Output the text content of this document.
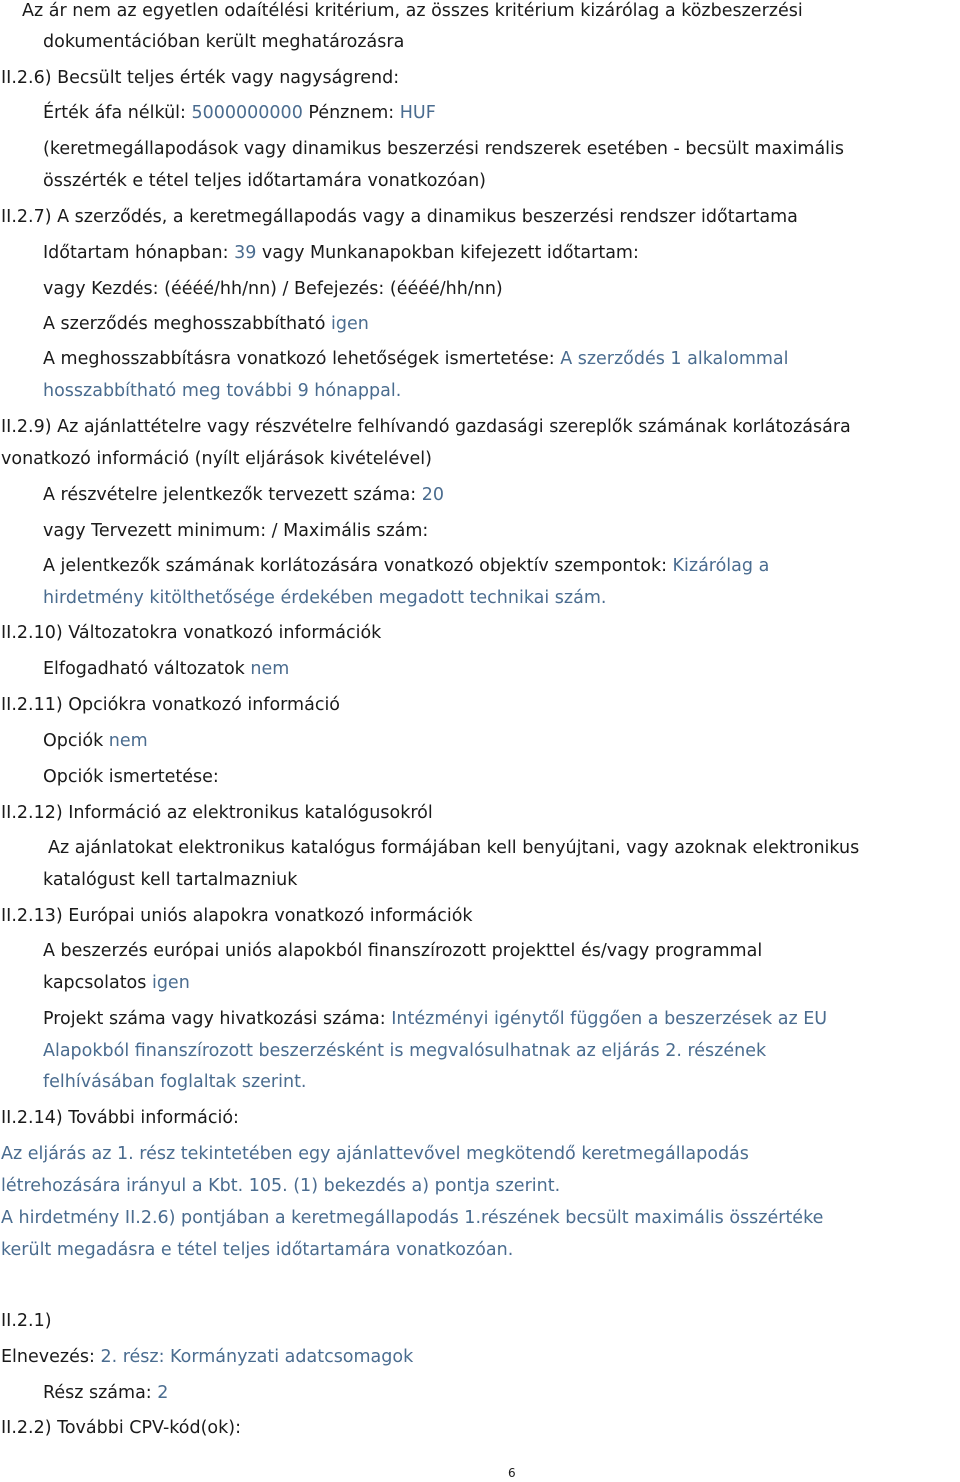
Az ár nem az egyetlen odaítélési kritérium, az összes kritérium kizárólag a közbeszerzési
dokumentációban került meghatározásra
II.2.6) Becsült teljes érték vagy nagyságrend:
Érték áfa nélkül: 5000000000 Pénznem: HUF
(keretmegállapodások vagy dinamikus beszerzési rendszerek esetében - becsült maximális
összérték e tétel teljes időtartamára vonatkozóan)
II.2.7) A szerződés, a keretmegállapodás vagy a dinamikus beszerzési rendszer időtartama
Időtartam hónapban: 39 vagy Munkanapokban kifejezett időtartam:
vagy Kezdés: (éééé/hh/nn) / Befejezés: (éééé/hh/nn)
A szerződés meghosszabbítható igen
A meghosszabbításra vonatkozó lehetőségek ismertetése: A szerződés 1 alkalommal
hosszabbítható meg további 9 hónappal.
II.2.9) Az ajánlattételre vagy részvételre felhívandó gazdasági szereplők számának korlátozására
vonatkozó információ (nyílt eljárások kivételével)
A részvételre jelentkezők tervezett száma: 20
vagy Tervezett minimum: / Maximális szám:
A jelentkezők számának korlátozására vonatkozó objektív szempontok: Kizárólag a
hirdetmény kitölthetősége érdekében megadott technikai szám.
II.2.10) Változatokra vonatkozó információk
Elfogadható változatok nem
II.2.11) Opciókra vonatkozó információ
Opciók nem
Opciók ismertetése:
II.2.12) Információ az elektronikus katalógusokról
Az ajánlatokat elektronikus katalógus formájában kell benyújtani, vagy azoknak elektronikus
katalógust kell tartalmazniuk
II.2.13) Európai uniós alapokra vonatkozó információk
A beszerzés európai uniós alapokból finanszírozott projekttel és/vagy programmal
kapcsolatos igen
Projekt száma vagy hivatkozási száma: Intézményi igénytől függően a beszerzések az EU
Alapokból finanszírozott beszerzésként is megvalósulhatnak az eljárás 2. részének
felhívásában foglaltak szerint.
II.2.14) További információ:
Az eljárás az 1. rész tekintetében egy ajánlattevővel megkötendő keretmegállapodás
létrehozására irányul a Kbt. 105. (1) bekezdés a) pontja szerint.
A hirdetmény II.2.6) pontjában a keretmegállapodás 1.részének becsült maximális összértéke
került megadásra e tétel teljes időtartamára vonatkozóan.
II.2.1)
Elnevezés: 2. rész: Kormányzati adatcsomagok
Rész száma: 2
II.2.2) További CPV-kód(ok):
6
